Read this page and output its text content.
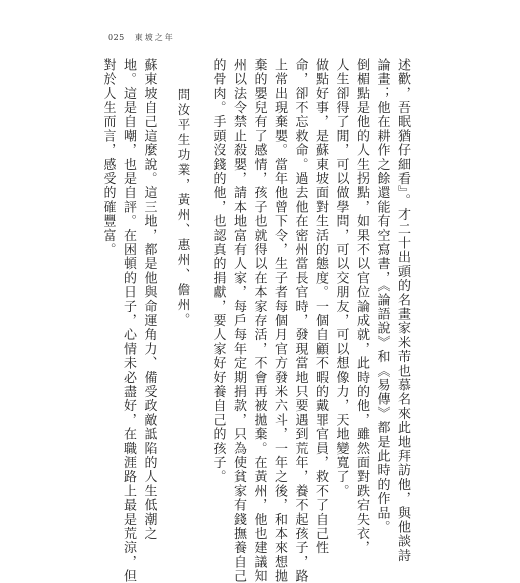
025 東坡之年
述歡，吾眠猶仔細看』。才二十出頭的名畫家米芾也慕名來此地拜訪他，與他談詩
論畫；他在耕作之餘還能有空寫書，《論語說》和《易傳》都是此時的作品。
倒楣點是他的人生拐點，如果不以官位論成就，此時的他，雖然面對跌宕失衣，
人生卻得了閒，可以做學問，可以交朋友，可以想像力，天地變寬了。
做點好事，是蘇東坡面對生活的態度。一個自顧不暇的戴罪官員，救不了自己性
命，卻不忘救命。過去他在密州當長官時，發現當地只要遇到荒年，養不起孩子，路
上常出現棄嬰。當年他曾下令，生子者每個月官方發米六斗，一年之後，和本來想拋
棄的嬰兒有了感情，孩子也就得以在本家存活，不會再被拋棄。在黃州，他也建議知
州以法令禁止殺嬰，請本地富有人家，每戶每年定期捐款，只為使貧家有錢撫養自己
的骨肉。手頭沒錢的他，也認真的捐獻，要人家好好養自己的孩子。
問汝平生功業，黃州、惠州、儋州。
蘇東坡自己這麼說。這三地，都是他與命運角力、備受政敵詆陷的人生低潮之
地。這是自嘲，也是自評。在困頓的日子，心情未必盡好，在職涯路上最是荒涼，但
對於人生而言，感受的確豐富。
